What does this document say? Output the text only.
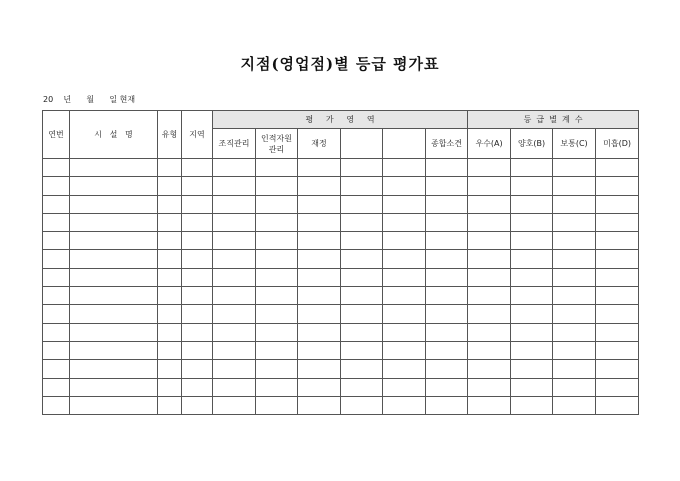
지점(영업점)별 등급 평가표
20 년 월 일 현재
연번	시   설   명	유형	지역	평     가     영     역						등  급  별  계  수			
				조직관리	인적자원 관리	재정			종합소견	우수(A)	양호(B)	보통(C)	미흡(D)
